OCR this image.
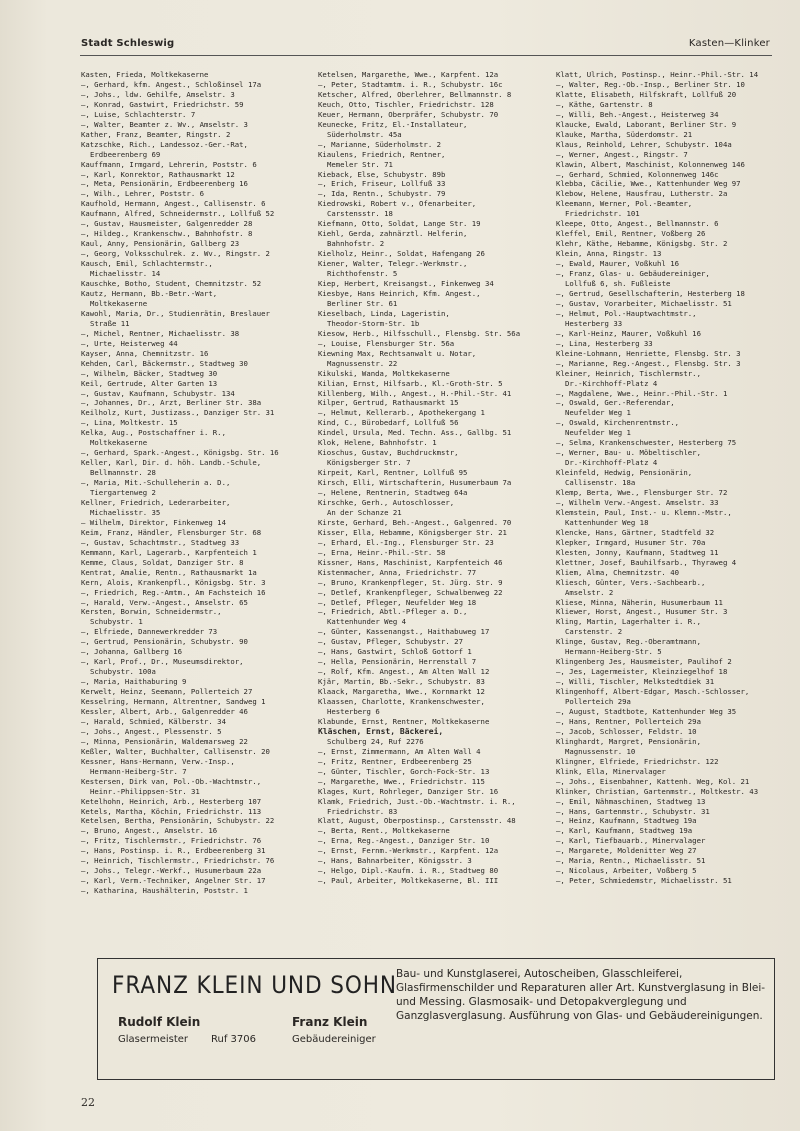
Stadt Schleswig	Kasten—Klinker
Kasten, Frieda, Moltkekaserne
—, Gerhard, kfm. Angest., Schloßinsel 17a
—, Johs., ldw. Gehilfe, Amselstr. 3
—, Konrad, Gastwirt, Friedrichstr. 59
—, Luise, Schlachterstr. 7
—, Walter, Beamter z. Wv., Amselstr. 3
Kather, Franz, Beamter, Ringstr. 2
Katzschke, Rich., Landessoz.-Ger.-Rat,
Erdbeerenberg 69
Kauffmann, Irmgard, Lehrerin, Poststr. 6
—, Karl, Konrektor, Rathausmarkt 12
—, Meta, Pensionärin, Erdbeerenberg 16
—, Wilh., Lehrer, Poststr. 6
Kaufhold, Hermann, Angest., Callisenstr. 6
Kaufmann, Alfred, Schneidermstr., Lollfuß 52
—, Gustav, Hausmeister, Galgenredder 28
—, Hildeg., Krankenschw., Bahnhofstr. 8
Kaul, Anny, Pensionärin, Gallberg 23
—, Georg, Volksschulrek. z. Wv., Ringstr. 2
Kausch, Emil, Schlachtermstr.,
Michaelisstr. 14
Kauschke, Botho, Student, Chemnitzstr. 52
Kautz, Hermann, Bb.-Betr.-Wart,
Moltkekaserne
Kawohl, Maria, Dr., Studienrätin, Breslauer
Straße 11
—, Michel, Rentner, Michaelisstr. 38
—, Urte, Heisterweg 44
Kayser, Anna, Chemnitzstr. 16
Kehden, Carl, Bäckermstr., Stadtweg 30
—, Wilhelm, Bäcker, Stadtweg 30
Keil, Gertrude, Alter Garten 13
—, Gustav, Kaufmann, Schubystr. 134
—, Johannes, Dr., Arzt, Berliner Str. 38a
Keilholz, Kurt, Justizass., Danziger Str. 31
—, Lina, Moltkestr. 15
Kelka, Aug., Postschaffner i. R.,
Moltkekaserne
—, Gerhard, Spark.-Angest., Königsbg. Str. 16
Keller, Karl, Dir. d. höh. Landb.-Schule,
Bellmannstr. 28
—, Maria, Mit.-Schulleherin a. D.,
Tiergartenweg 2
Kellner, Friedrich, Lederarbeiter,
Michaelisstr. 35
— Wilhelm, Direktor, Finkenweg 14
Keim, Franz, Händler, Flensburger Str. 68
—, Gustav, Schachtmstr., Stadtweg 33
Kemmann, Karl, Lagerarb., Karpfenteich 1
Kemme, Claus, Soldat, Danziger Str. 8
Kentrat, Amalie, Rentn., Rathausmarkt 1a
Kern, Alois, Krankenpfl., Königsbg. Str. 3
—, Friedrich, Reg.-Amtm., Am Fachsteich 16
—, Harald, Verw.-Angest., Amselstr. 65
Kersten, Borwin, Schneidermstr.,
Schubystr. 1
—, Elfriede, Dannewerkredder 73
—, Gertrud, Pensionärin, Schubystr. 90
—, Johanna, Gallberg 16
—, Karl, Prof., Dr., Museumsdirektor,
Schubystr. 100a
—, Maria, Haithaburing 9
Kerwelt, Heinz, Seemann, Pollerteich 27
Kesselring, Hermann, Altrentner, Sandweg 1
Kessler, Albert, Arb., Galgenredder 46
—, Harald, Schmied, Kälberstr. 34
—, Johs., Angest., Plessenstr. 5
—, Minna, Pensionärin, Waldemarsweg 22
Keßler, Walter, Buchhalter, Callisenstr. 20
Kessner, Hans-Hermann, Verw.-Insp.,
Hermann-Heiberg-Str. 7
Kestersen, Dirk van, Pol.-Ob.-Wachtmstr.,
Heinr.-Philippsen-Str. 31
Ketelhohn, Heinrich, Arb., Hesterberg 107
Ketels, Martha, Köchin, Friedrichstr. 113
Ketelsen, Bertha, Pensionärin, Schubystr. 22
—, Bruno, Angest., Amselstr. 16
—, Fritz, Tischlermstr., Friedrichstr. 76
—, Hans, Postinsp. i. R., Erdbeerenberg 31
—, Heinrich, Tischlermstr., Friedrichstr. 76
—, Johs., Telegr.-Werkf., Husumerbaum 22a
—, Karl, Verm.-Techniker, Angelner Str. 17
—, Katharina, Haushälterin, Poststr. 1
Ketelsen, Margarethe, Wwe., Karpfent. 12a
—, Peter, Stadtamtm. i. R., Schubystr. 16c
Ketscher, Alfred, Oberlehrer, Bellmannstr. 8
Keuch, Otto, Tischler, Friedrichstr. 128
Keuer, Hermann, Oberpräfer, Schubystr. 70
Keunecke, Fritz, El.-Installateur,
Süderholmstr. 45a
—, Marianne, Süderholmstr. 2
Kiaulens, Friedrich, Rentner,
Memeler Str. 71
Kieback, Else, Schubystr. 89b
—, Erich, Friseur, Lollfuß 33
—, Ida, Rentn., Schubystr. 79
Kiedrowski, Robert v., Ofenarbeiter,
Carstensstr. 18
Kiefmann, Otto, Soldat, Lange Str. 19
Kiehl, Gerda, zahnärztl. Helferin,
Bahnhofstr. 2
Kielholz, Heinr., Soldat, Hafengang 26
Kiener, Walter, Telegr.-Werkmstr.,
Richthofenstr. 5
Kiep, Herbert, Kreisangst., Finkenweg 34
Kiesbye, Hans Heinrich, Kfm. Angest.,
Berliner Str. 61
Kieselbach, Linda, Lageristin,
Theodor-Storm-Str. 1b
Kiesow, Herb., Hilfsschull., Flensbg. Str. 56a
—, Louise, Flensburger Str. 56a
Kiewning Max, Rechtsanwalt u. Notar,
Magnussenstr. 22
Kikulski, Wanda, Moltkekaserne
Kilian, Ernst, Hilfsarb., Kl.-Groth-Str. 5
Killenberg, Wilh., Angest., H.-Phil.-Str. 41
Kilper, Gertrud, Rathausmarkt 15
—, Helmut, Kellerarb., Apothekergang 1
Kind, C., Bürobedarf, Lollfuß 56
Kindel, Ursula, Med. Techn. Ass., Gallbg. 51
Klok, Helene, Bahnhofstr. 1
Kioschus, Gustav, Buchdruckmstr,
Königsberger Str. 7
Kirpeit, Karl, Rentner, Lollfuß 95
Kirsch, Elli, Wirtschafterin, Husumerbaum 7a
—, Helene, Rentnerin, Stadtweg 64a
Kirschke, Gerh., Autoschlosser,
An der Schanze 21
Kirste, Gerhard, Beh.-Angest., Galgenred. 70
Kisser, Ella, Hebamme, Königsberger Str. 21
—, Erhard, El.-Ing., Flensburger Str. 23
—, Erna, Heinr.-Phil.-Str. 58
Kissner, Hans, Maschinist, Karpfenteich 46
Kistenmacher, Anna, Friedrichstr. 77
—, Bruno, Krankenpfleger, St. Jürg. Str. 9
—, Detlef, Krankenpfleger, Schwalbenweg 22
—, Detlef, Pfleger, Neufelder Weg 18
—, Friedrich, Abtl.-Pfleger a. D.,
Kattenhunder Weg 4
—, Günter, Kassenangst., Haithabuweg 17
—, Gustav, Pfleger, Schubystr. 27
—, Hans, Gastwirt, Schloß Gottorf 1
—, Hella, Pensionärin, Herrenstall 7
—, Rolf, Kfm. Angest., Am Alten Wall 12
Kjär, Martin, Bb.-Sekr., Schubystr. 83
Klaack, Margaretha, Wwe., Kornmarkt 12
Klaassen, Charlotte, Krankenschwester,
Hesterberg 6
Klabunde, Ernst, Rentner, Moltkekaserne
Kläschen, Ernst, Bäckerei,
Schulberg 24, Ruf 2276
—, Ernst, Zimmermann, Am Alten Wall 4
—, Fritz, Rentner, Erdbeerenberg 25
—, Günter, Tischler, Gorch-Fock-Str. 13
—, Margarethe, Wwe., Friedrichstr. 115
Klages, Kurt, Rohrleger, Danziger Str. 16
Klamk, Friedrich, Just.-Ob.-Wachtmstr. i. R.,
Friedrichstr. 83
Klatt, August, Oberpostinsp., Carstensstr. 48
—, Berta, Rent., Moltkekaserne
—, Erna, Reg.-Angest., Danziger Str. 10
—, Ernst, Fernm.-Werkmstr., Karpfent. 12a
—, Hans, Bahnarbeiter, Königsstr. 3
—, Helgo, Dipl.-Kaufm. i. R., Stadtweg 80
—, Paul, Arbeiter, Moltkekaserne, Bl. III
Klatt, Ulrich, Postinsp., Heinr.-Phil.-Str. 14
—, Walter, Reg.-Ob.-Insp., Berliner Str. 10
Klatte, Elisabeth, Hilfskraft, Lollfuß 20
—, Käthe, Gartenstr. 8
—, Willi, Beh.-Angest., Heisterweg 34
Klaucke, Ewald, Laborant, Berliner Str. 9
Klauke, Martha, Süderdomstr. 21
Klaus, Reinhold, Lehrer, Schubystr. 104a
—, Werner, Angest., Ringstr. 7
Klawin, Albert, Maschinist, Kolonnenweg 146
—, Gerhard, Schmied, Kolonnenweg 146c
Klebba, Cäcilie, Wwe., Kattenhunder Weg 97
Klebow, Helene, Hausfrau, Lutherstr. 2a
Kleemann, Werner, Pol.-Beamter,
Friedrichstr. 101
Kleepe, Otto, Angest., Bellmannstr. 6
Kleffel, Emil, Rentner, Voßberg 26
Klehr, Käthe, Hebamme, Königsbg. Str. 2
Klein, Anna, Ringstr. 13
—, Ewald, Maurer, Voßkuhl 16
—, Franz, Glas- u. Gebäudereiniger,
Lollfuß 6, sh. Fußleiste
—, Gertrud, Gesellschafterin, Hesterberg 18
—, Gustav, Vorarbeiter, Michaelisstr. 51
—, Helmut, Pol.-Hauptwachtmstr.,
Hesterberg 33
—, Karl-Heinz, Maurer, Voßkuhl 16
—, Lina, Hesterberg 33
Kleine-Lohmann, Henriette, Flensbg. Str. 3
—, Marianne, Reg.-Angest., Flensbg. Str. 3
Kleiner, Heinrich, Tischlermstr.,
Dr.-Kirchhoff-Platz 4
—, Magdalene, Wwe., Heinr.-Phil.-Str. 1
—, Oswald, Ger.-Referendar,
Neufelder Weg 1
—, Oswald, Kirchenrentmstr.,
Neufelder Weg 1
—, Selma, Krankenschwester, Hesterberg 75
—, Werner, Bau- u. Möbeltischler,
Dr.-Kirchhoff-Platz 4
Kleinfeld, Hedwig, Pensionärin,
Callisenstr. 18a
Klemp, Berta, Wwe., Flensburger Str. 72
—, Wilhelm Verw.-Angest. Amselstr. 33
Klemstein, Paul, Inst.- u. Klemn.-Mstr.,
Kattenhunder Weg 18
Klencke, Hans, Gärtner, Stadtfeld 32
Klepker, Irmgard, Husumer Str. 70a
Klesten, Jonny, Kaufmann, Stadtweg 11
Klettner, Josef, Bauhilfsarb., Thyraweg 4
Kliem, Alma, Chemnitzstr. 40
Kliesch, Günter, Vers.-Sachbearb.,
Amselstr. 2
Kliese, Minna, Näherin, Husumerbaum 11
Kliewer, Horst, Angest., Husumer Str. 3
Kling, Martin, Lagerhalter i. R.,
Carstenstr. 2
Klinge, Gustav, Reg.-Oberamtmann,
Hermann-Heiberg-Str. 5
Klingenberg Jes, Hausmeister, Paulihof 2
—, Jes, Lagermeister, Kleinziegelhof 18
—, Willi, Tischler, Melkstedtdiek 31
Klingenhoff, Albert-Edgar, Masch.-Schlosser,
Pollerteich 29a
—, August, Stadtbote, Kattenhunder Weg 35
—, Hans, Rentner, Pollerteich 29a
—, Jacob, Schlosser, Feldstr. 10
Klinghardt, Margret, Pensionärin,
Magnussenstr. 10
Klingner, Elfriede, Friedrichstr. 122
Klink, Ella, Minervalager
—, Johs., Eisenbahner, Kattenh. Weg, Kol. 21
Klinker, Christian, Gartenmstr., Moltkestr. 43
—, Emil, Nähmaschinen, Stadtweg 13
—, Hans, Gartenmstr., Schubystr. 31
—, Heinz, Kaufmann, Stadtweg 19a
—, Karl, Kaufmann, Stadtweg 19a
—, Karl, Tiefbauarb., Minervalager
—, Margarete, Moldenitter Weg 27
—, Maria, Rentn., Michaelisstr. 51
—, Nicolaus, Arbeiter, Voßberg 5
—, Peter, Schmiedemstr, Michaelisstr. 51
FRANZ KLEIN UND SOHN
Rudolf Klein
Glasermeister Ruf 3706
Franz Klein
Gebäudereiniger
Bau- und Kunstglaserei, Autoscheiben, Glasschleiferei, Glasfirmenschilder und Reparaturen aller Art. Kunstverglasung in Blei- und Messing. Glasmosaik- und Detopakverglegung und Ganzglasverglasung. Ausführung von Glas- und Gebäudereinigungen.
22
